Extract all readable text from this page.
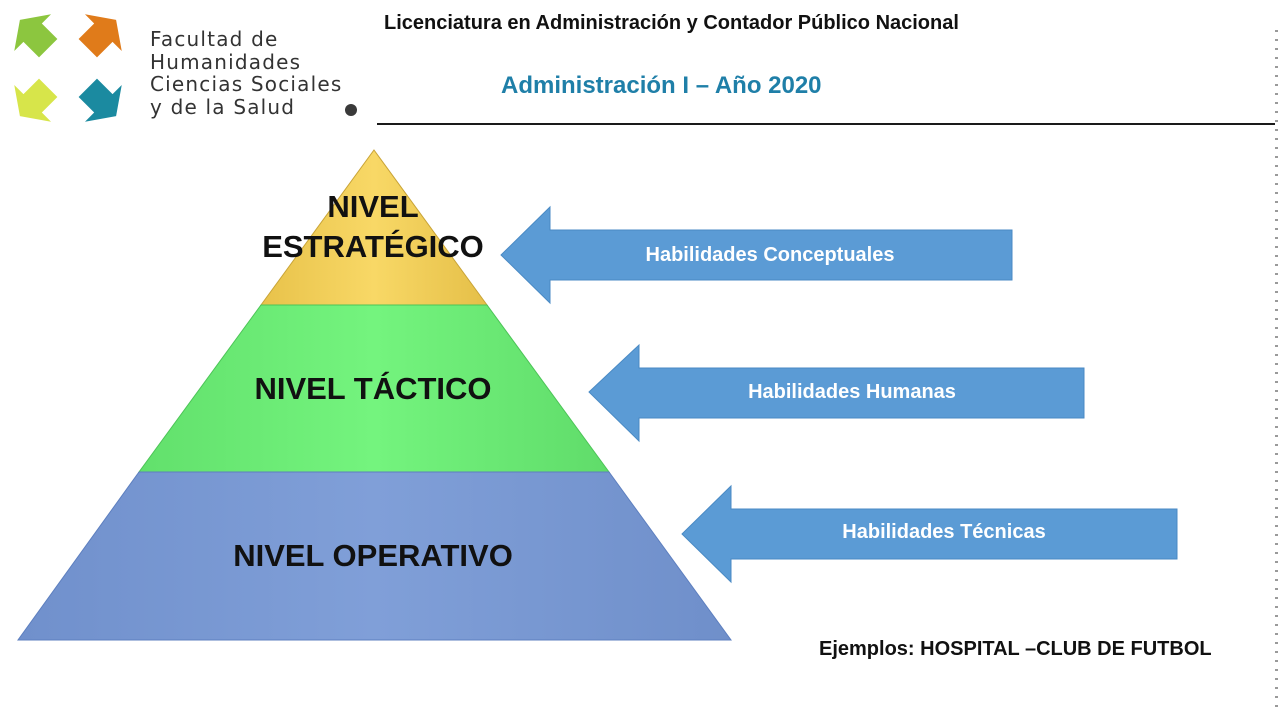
Facultad de
Humanidades
Ciencias Sociales
y de la Salud
Licenciatura en Administración y Contador Público Nacional
Administración I – Año 2020
NIVEL
ESTRATÉGICO
NIVEL TÁCTICO
NIVEL OPERATIVO
Habilidades Conceptuales
Habilidades Humanas
Habilidades Técnicas
Ejemplos: HOSPITAL –CLUB DE FUTBOL
